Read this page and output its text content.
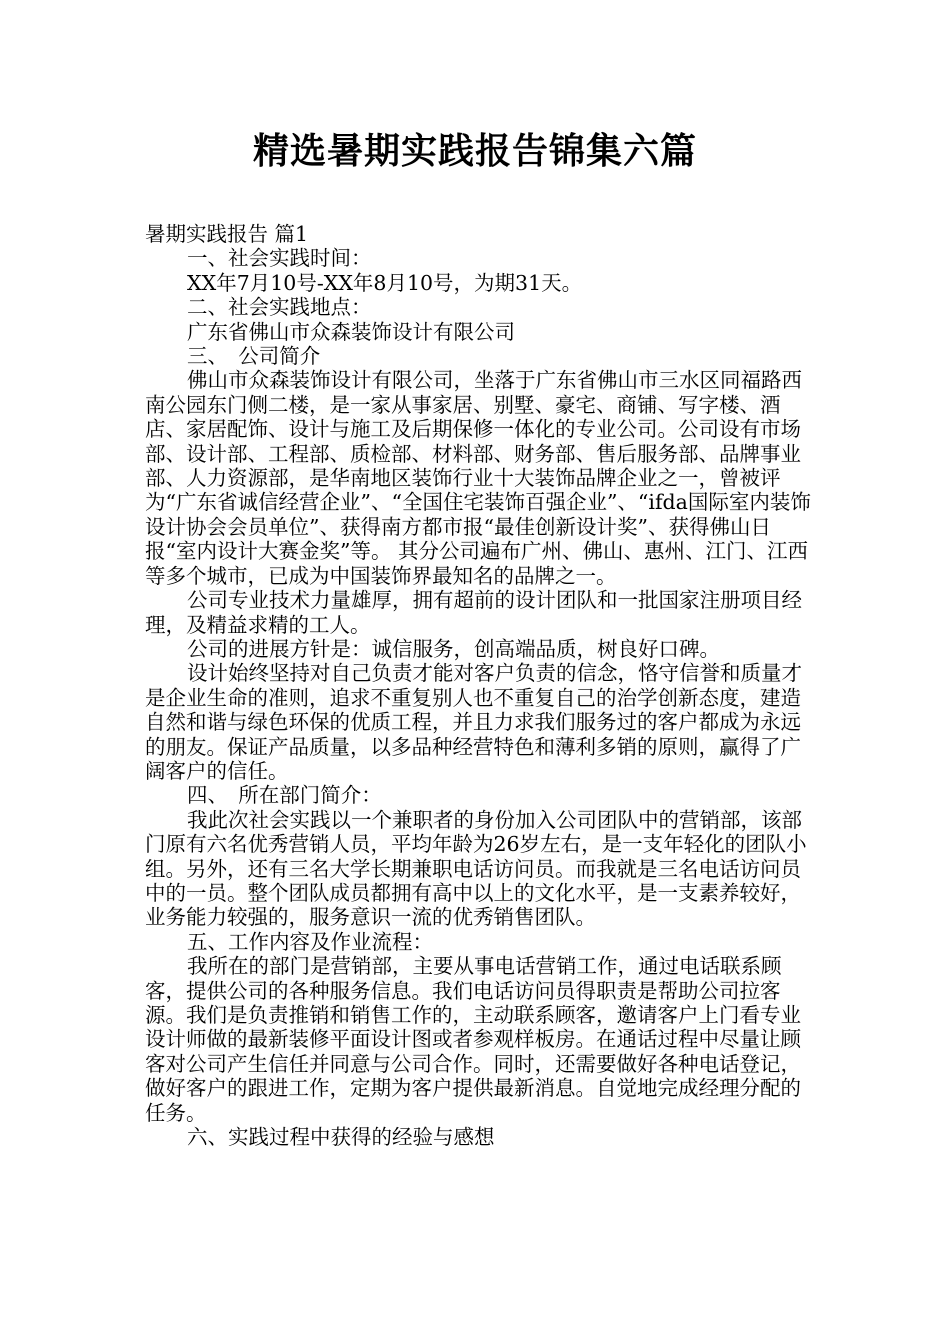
精选暑期实践报告锦集六篇

暑期实践报告 篇1

一、社会实践时间：

XX年7月10号-XX年8月10号，为期31天。

二、社会实践地点：

广东省佛山市众森装饰设计有限公司

三、　公司简介

佛山市众森装饰设计有限公司，坐落于广东省佛山市三水区同福路西南公园东门侧二楼，是一家从事家居、别墅、豪宅、商铺、写字楼、酒店、家居配饰、设计与施工及后期保修一体化的专业公司。公司设有市场部、设计部、工程部、质检部、材料部、财务部、售后服务部、品牌事业部、人力资源部，是华南地区装饰行业十大装饰品牌企业之一，曾被评为“广东省诚信经营企业”、“全国住宅装饰百强企业”、“ifda国际室内装饰设计协会会员单位”、获得南方都市报“最佳创新设计奖”、获得佛山日报“室内设计大赛金奖”等。 其分公司遍布广州、佛山、惠州、江门、江西等多个城市，已成为中国装饰界最知名的品牌之一。

公司专业技术力量雄厚，拥有超前的设计团队和一批国家注册项目经理，及精益求精的工人。

公司的进展方针是：诚信服务，创高端品质，树良好口碑。

设计始终坚持对自己负责才能对客户负责的信念，恪守信誉和质量才是企业生命的准则，追求不重复别人也不重复自己的治学创新态度，建造自然和谐与绿色环保的优质工程，并且力求我们服务过的客户都成为永远的朋友。保证产品质量，以多品种经营特色和薄利多销的原则，赢得了广阔客户的信任。

四、　所在部门简介：

我此次社会实践以一个兼职者的身份加入公司团队中的营销部，该部门原有六名优秀营销人员，平均年龄为26岁左右，是一支年轻化的团队小组。另外，还有三名大学长期兼职电话访问员。而我就是三名电话访问员中的一员。整个团队成员都拥有高中以上的文化水平，是一支素养较好，业务能力较强的，服务意识一流的优秀销售团队。

五、工作内容及作业流程：

我所在的部门是营销部，主要从事电话营销工作，通过电话联系顾客，提供公司的各种服务信息。我们电话访问员得职责是帮助公司拉客源。我们是负责推销和销售工作的，主动联系顾客，邀请客户上门看专业设计师做的最新装修平面设计图或者参观样板房。在通话过程中尽量让顾客对公司产生信任并同意与公司合作。同时，还需要做好各种电话登记，做好客户的跟进工作，定期为客户提供最新消息。自觉地完成经理分配的任务。

六、实践过程中获得的经验与感想
